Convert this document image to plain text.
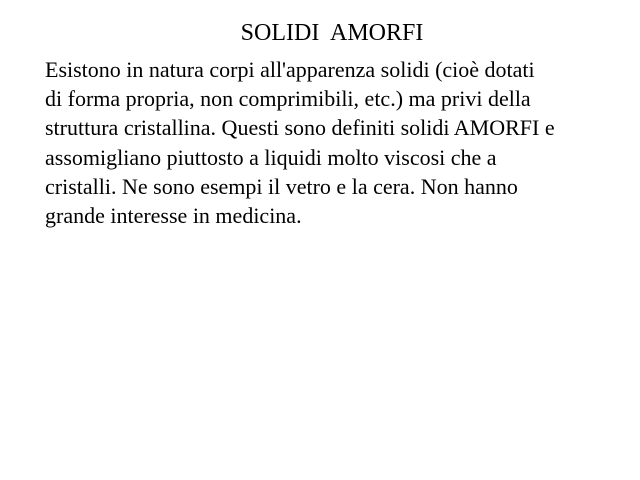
SOLIDI  AMORFI

Esistono in natura corpi all'apparenza solidi (cioè dotati
di forma propria, non comprimibili, etc.) ma privi della
struttura cristallina. Questi sono definiti solidi AMORFI e
assomigliano piuttosto a liquidi molto viscosi che a
cristalli. Ne sono esempi il vetro e la cera. Non hanno
grande interesse in medicina.
